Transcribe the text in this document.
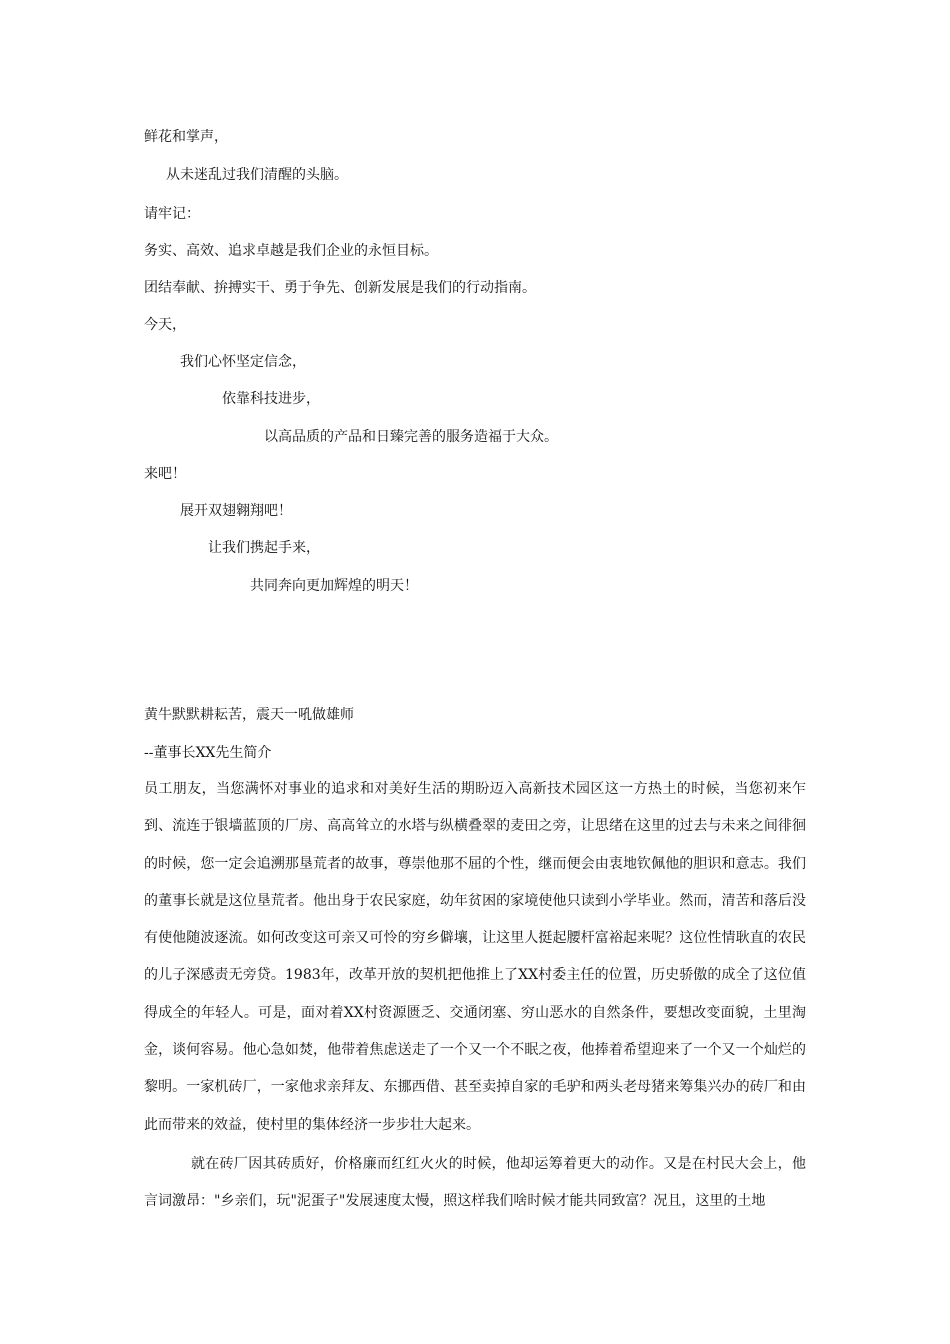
鲜花和掌声，
从未迷乱过我们清醒的头脑。
请牢记：
务实、高效、追求卓越是我们企业的永恒目标。
团结奉献、拚搏实干、勇于争先、创新发展是我们的行动指南。
今天，
我们心怀坚定信念，
依靠科技进步，
以高品质的产品和日臻完善的服务造福于大众。
来吧！
展开双翅翱翔吧！
让我们携起手来，
共同奔向更加辉煌的明天！
黄牛默默耕耘苦，震天一吼做雄师
--董事长XX先生简介

员工朋友，当您满怀对事业的追求和对美好生活的期盼迈入高新技术园区这一方热土的时候，当您初来乍到、流连于银墙蓝顶的厂房、高高耸立的水塔与纵横叠翠的麦田之旁，让思绪在这里的过去与未来之间徘徊的时候，您一定会追溯那垦荒者的故事，尊崇他那不屈的个性，继而便会由衷地钦佩他的胆识和意志。我们的董事长就是这位垦荒者。他出身于农民家庭，幼年贫困的家境使他只读到小学毕业。然而，清苦和落后没有使他随波逐流。如何改变这可亲又可怜的穷乡僻壤，让这里人挺起腰杆富裕起来呢？这位性情耿直的农民的儿子深感责无旁贷。1983年，改革开放的契机把他推上了XX村委主任的位置，历史骄傲的成全了这位值得成全的年轻人。可是，面对着XX村资源匮乏、交通闭塞、穷山恶水的自然条件，要想改变面貌，土里淘金，谈何容易。他心急如焚，他带着焦虑送走了一个又一个不眠之夜，他捧着希望迎来了一个又一个灿烂的黎明。一家机砖厂，一家他求亲拜友、东挪西借、甚至卖掉自家的毛驴和两头老母猪来筹集兴办的砖厂和由此而带来的效益，使村里的集体经济一步步壮大起来。

就在砖厂因其砖质好，价格廉而红红火火的时候，他却运筹着更大的动作。又是在村民大会上，他言词激昂："乡亲们，玩"泥蛋子"发展速度太慢，照这样我们啥时候才能共同致富？况且，这里的土地
